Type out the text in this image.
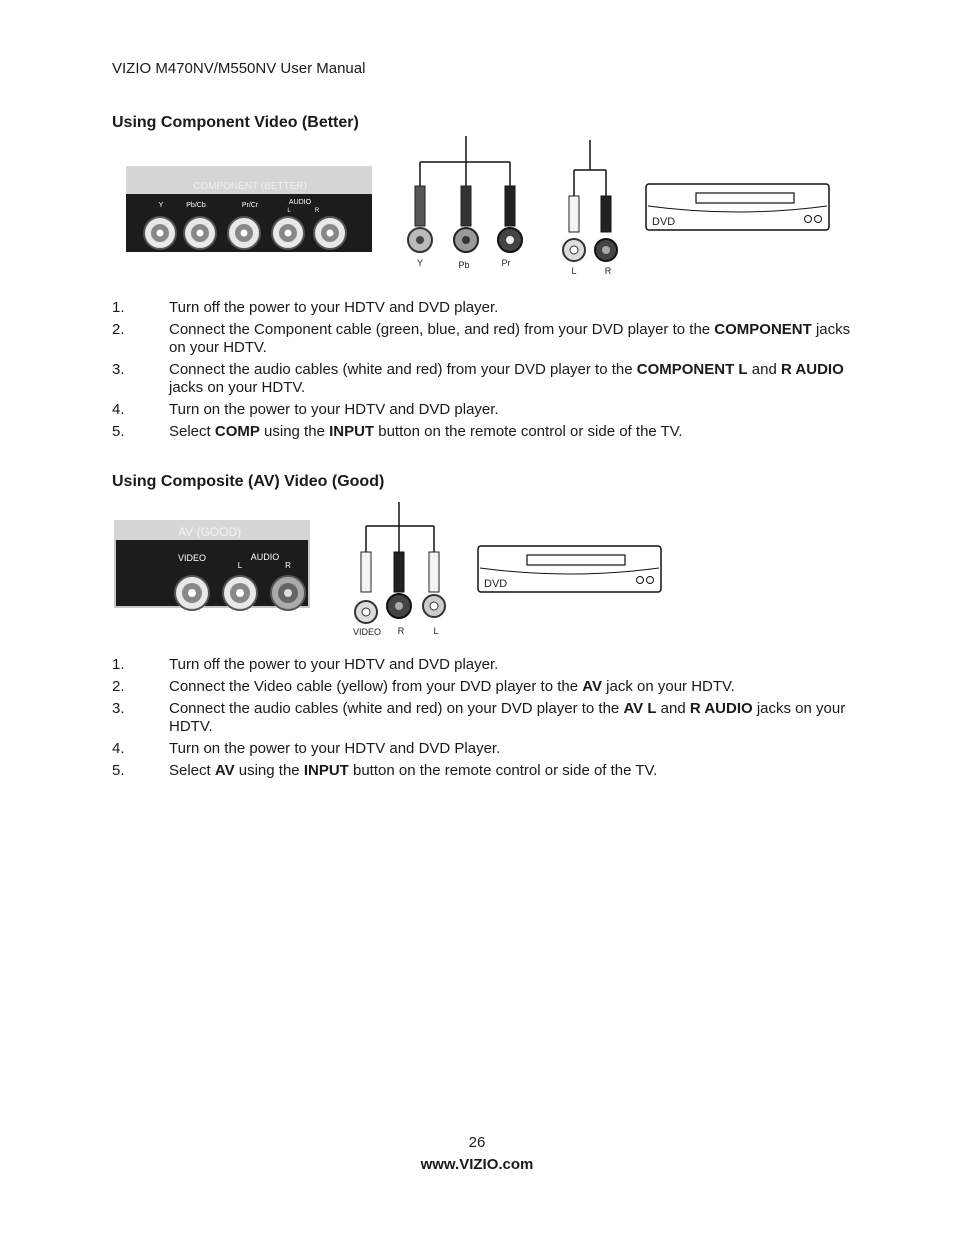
VIZIO M470NV/M550NV User Manual
Using Component Video (Better)
COMPONENT (BETTER)
Y	Pb/Cb	Pr/Cr	AUDIO
L	R
Y	Pb	Pr
L	R
DVD
1.	Turn off the power to your HDTV and DVD player.
2.	Connect the Component cable (green, blue, and red) from your DVD player to the COMPONENT jacks on your HDTV.
3.	Connect the audio cables (white and red) from your DVD player to the COMPONENT L and R AUDIO jacks on your HDTV.
4.	Turn on the power to your HDTV and DVD player.
5.	Select COMP using the INPUT button on the remote control or side of the TV.
Using Composite (AV) Video (Good)
AV (GOOD)
VIDEO	AUDIO
L	R
VIDEO R	L
DVD
1.	Turn off the power to your HDTV and DVD player.
2.	Connect the Video cable (yellow) from your DVD player to the AV jack on your HDTV.
3.	Connect the audio cables (white and red) on your DVD player to the AV L and R AUDIO jacks on your HDTV.
4.	Turn on the power to your HDTV and DVD Player.
5.	Select AV using the INPUT button on the remote control or side of the TV.
26
www.VIZIO.com
